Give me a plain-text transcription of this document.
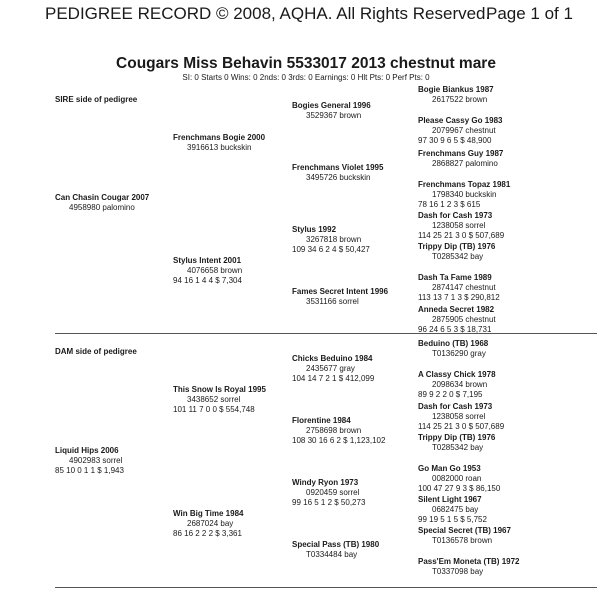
PEDIGREE RECORD © 2008, AQHA. All Rights Reserved.
Page 1 of 1
Cougars Miss Behavin 5533017 2013 chestnut mare
SI: 0 Starts 0 Wins: 0 2nds: 0 3rds: 0 Earnings: 0 Hlt Pts: 0 Perf Pts: 0
SIRE side of pedigree
Can Chasin Cougar 2007
4958980 palomino
Frenchmans Bogie 2000
3916613 buckskin
Stylus Intent 2001
4076658 brown
94 16 1 4 4 $ 7,304
Bogies General 1996
3529367 brown
Frenchmans Violet 1995
3495726 buckskin
Stylus 1992
3267818 brown
109 34 6 2 4 $ 50,427
Fames Secret Intent 1996
3531166 sorrel
Bogie Biankus 1987
2617522 brown
Please Cassy Go 1983
2079967 chestnut
97 30 9 6 5 $ 48,900
Frenchmans Guy 1987
2868827 palomino
Frenchmans Topaz 1981
1798340 buckskin
78 16 1 2 3 $ 615
Dash for Cash 1973
1238058 sorrel
114 25 21 3 0 $ 507,689
Trippy Dip (TB) 1976
T0285342 bay
Dash Ta Fame 1989
2874147 chestnut
113 13 7 1 3 $ 290,812
Anneda Secret 1982
2875905 chestnut
96 24 6 5 3 $ 18,731
DAM side of pedigree
Liquid Hips 2006
4902983 sorrel
85 10 0 1 1 $ 1,943
This Snow Is Royal 1995
3438652 sorrel
101 11 7 0 0 $ 554,748
Win Big Time 1984
2687024 bay
86 16 2 2 2 $ 3,361
Chicks Beduino 1984
2435677 gray
104 14 7 2 1 $ 412,099
Florentine 1984
2758698 brown
108 30 16 6 2 $ 1,123,102
Windy Ryon 1973
0920459 sorrel
99 16 5 1 2 $ 50,273
Special Pass (TB) 1980
T0334484 bay
Beduino (TB) 1968
T0136290 gray
A Classy Chick 1978
2098634 brown
89 9 2 2 0 $ 7,195
Dash for Cash 1973
1238058 sorrel
114 25 21 3 0 $ 507,689
Trippy Dip (TB) 1976
T0285342 bay
Go Man Go 1953
0082000 roan
100 47 27 9 3 $ 86,150
Silent Light 1967
0682475 bay
99 19 5 1 5 $ 5,752
Special Secret (TB) 1967
T0136578 brown
Pass'Em Moneta (TB) 1972
T0337098 bay
